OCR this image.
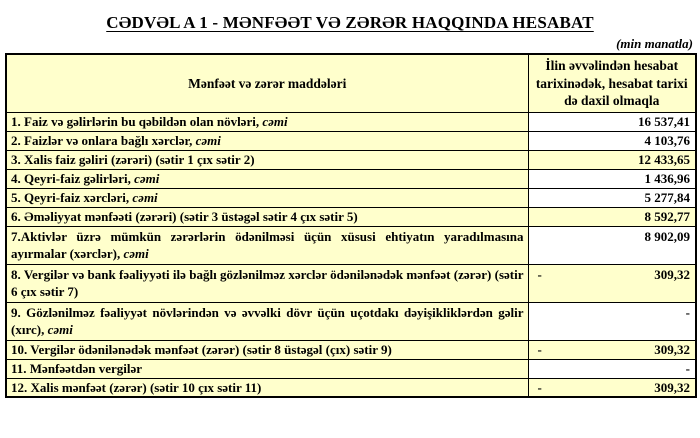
CƏDVƏL A 1 - MƏNFƏƏT VƏ ZƏRƏR HAQQINDA HESABAT
(min manatla)
Mənfəət və zərər maddələri	İlin əvvəlindən hesabat tarixinədək, hesabat tarixi də daxil olmaqla
1. Faiz və gəlirlərin bu qəbildən olan növləri, cəmi	16 537,41

2. Faizlər və onlara bağlı xərclər, cəmi	4 103,76

3. Xalis faiz gəliri (zərəri) (sətir 1 çıx sətir 2)	12 433,65

4. Qeyri-faiz gəlirləri, cəmi	1 436,96

5. Qeyri-faiz xərcləri, cəmi	5 277,84

6. Əməliyyat mənfəəti (zərəri) (sətir 3 üstəgəl sətir 4 çıx sətir 5)	8 592,77

7.Aktivlər üzrə mümkün zərərlərin ödənilməsi üçün xüsusi ehtiyatın yaradılmasına ayırmalar (xərclər), cəmi	8 902,09

8. Vergilər və bank fəaliyyəti ilə bağlı gözlənilməz xərclər ödənilənədək mənfəət (zərər) (sətir 6 çıx sətir 7)	- 309,32

9. Gözlənilməz fəaliyyət növlərindən və əvvəlki dövr üçün uçotdakı dəyişikliklərdən gəlir (xırc), cəmi	-

10. Vergilər ödənilənədək mənfəət (zərər) (sətir 8 üstəgəl (çıx) sətir 9)	- 309,32

11. Mənfəətdən vergilər	-

12. Xalis mənfəət (zərər) (sətir 10 çıx sətir 11)	- 309,32
